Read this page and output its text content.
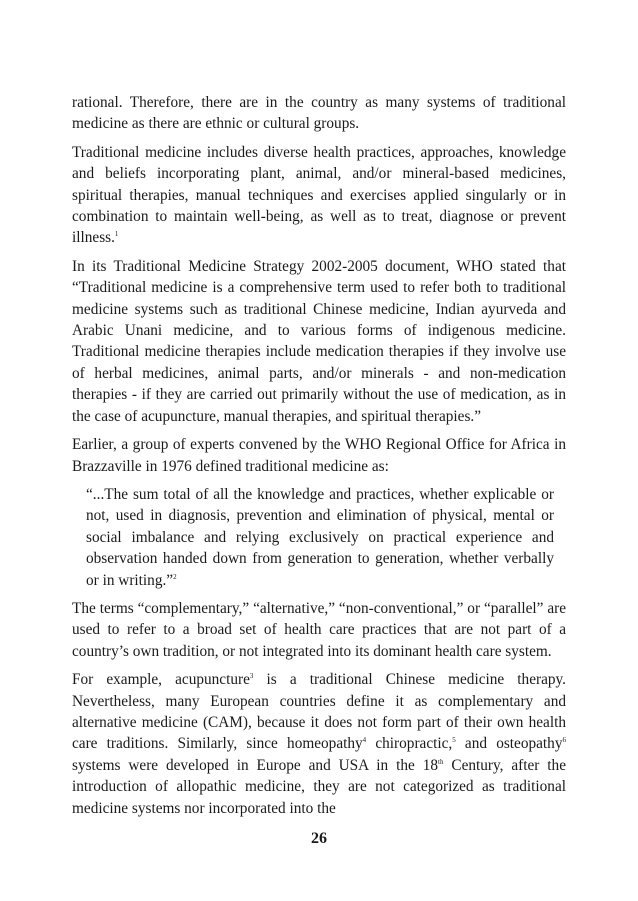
rational. Therefore, there are in the country as many systems of traditional medicine as there are ethnic or cultural groups.

Traditional medicine includes diverse health practices, approaches, knowledge and beliefs incorporating plant, animal, and/or mineral-based medicines, spiritual therapies, manual techniques and exercises applied singularly or in combination to maintain well-being, as well as to treat, diagnose or prevent illness.$^1$

In its Traditional Medicine Strategy 2002-2005 document, WHO stated that “Traditional medicine is a comprehensive term used to refer both to traditional medicine systems such as traditional Chinese medicine, Indian ayurveda and Arabic Unani medicine, and to various forms of indigenous medicine. Traditional medicine therapies include medication therapies if they involve use of herbal medicines, animal parts, and/or minerals - and non-medication therapies - if they are carried out primarily without the use of medication, as in the case of acupuncture, manual therapies, and spiritual therapies.”

Earlier, a group of experts convened by the WHO Regional Office for Africa in Brazzaville in 1976 defined traditional medicine as:

“...The sum total of all the knowledge and practices, whether explicable or not, used in diagnosis, prevention and elimination of physical, mental or social imbalance and relying exclusively on practical experience and observation handed down from generation to generation, whether verbally or in writing.”$^2$

The terms “complementary,” “alternative,” “non-conventional,” or “parallel” are used to refer to a broad set of health care practices that are not part of a country’s own tradition, or not integrated into its dominant health care system.

For example, acupuncture$^3$ is a traditional Chinese medicine therapy. Nevertheless, many European countries define it as complementary and alternative medicine (CAM), because it does not form part of their own health care traditions. Similarly, since homeopathy$^4$ chiropractic,$^5$ and osteopathy$^6$ systems were developed in Europe and USA in the 18th Century, after the introduction of allopathic medicine, they are not categorized as traditional medicine systems nor incorporated into the

26
